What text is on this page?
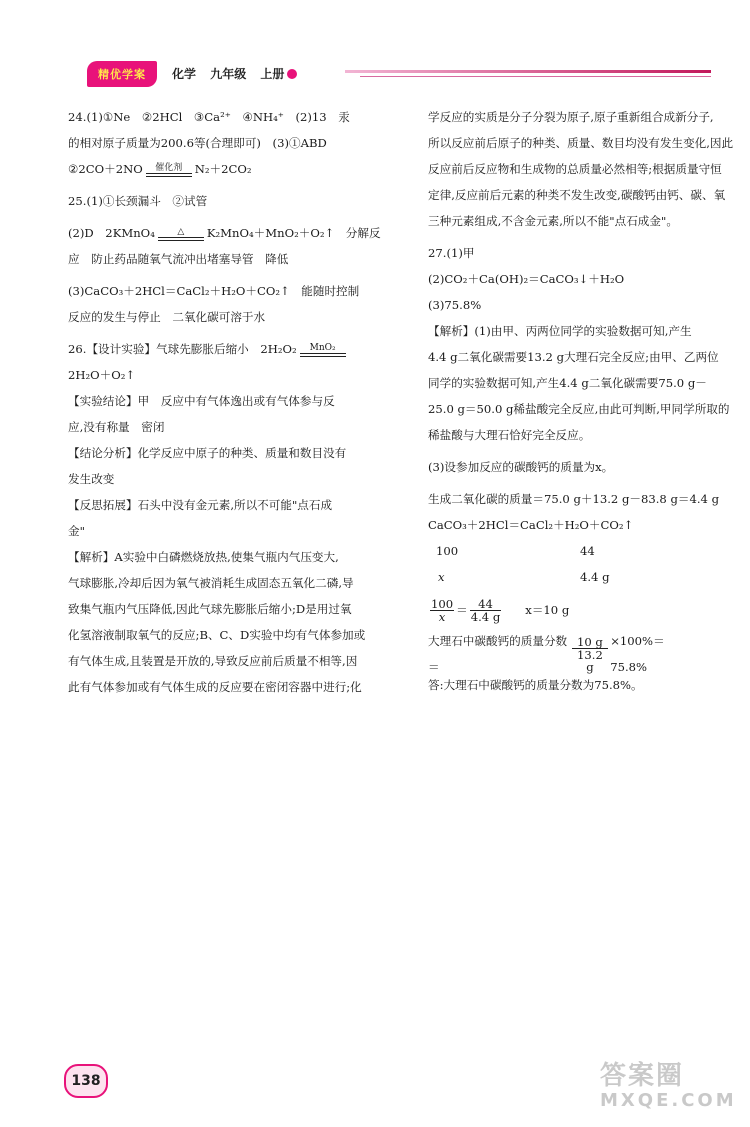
精优学案	化学 九年级 上册

24.(1)①Ne　②2HCl　③Ca²⁺　④NH₄⁺　(2)13　汞

的相对原子质量为200.6等(合理即可)　(3)①ABD

②2CO＋2NO	催化剂	N₂＋2CO₂

25.(1)①长颈漏斗　②试管

(2)D　2KMnO₄	△	K₂MnO₄＋MnO₂＋O₂↑　分解反

应　防止药品随氧气流冲出堵塞导管　降低

(3)CaCO₃＋2HCl＝CaCl₂＋H₂O＋CO₂↑　能随时控制

反应的发生与停止　二氧化碳可溶于水

26.【设计实验】气球先膨胀后缩小　2H₂O₂	MnO₂

2H₂O＋O₂↑

【实验结论】甲　反应中有气体逸出或有气体参与反

应,没有称量　密闭

【结论分析】化学反应中原子的种类、质量和数目没有

发生改变

【反思拓展】石头中没有金元素,所以不可能"点石成

金"

【解析】A实验中白磷燃烧放热,使集气瓶内气压变大,

气球膨胀,冷却后因为氧气被消耗生成固态五氧化二磷,导

致集气瓶内气压降低,因此气球先膨胀后缩小;D是用过氧

化氢溶液制取氧气的反应;B、C、D实验中均有气体参加或

有气体生成,且装置是开放的,导致反应前后质量不相等,因

此有气体参加或有气体生成的反应要在密闭容器中进行;化

学反应的实质是分子分裂为原子,原子重新组合成新分子,

所以反应前后原子的种类、质量、数目均没有发生变化,因此

反应前后反应物和生成物的总质量必然相等;根据质量守恒

定律,反应前后元素的种类不发生改变,碳酸钙由钙、碳、氧

三种元素组成,不含金元素,所以不能"点石成金"。

27.(1)甲

(2)CO₂＋Ca(OH)₂＝CaCO₃↓＋H₂O

(3)75.8%

【解析】(1)由甲、丙两位同学的实验数据可知,产生

4.4 g二氧化碳需要13.2 g大理石完全反应;由甲、乙两位

同学的实验数据可知,产生4.4 g二氧化碳需要75.0 g－

25.0 g＝50.0 g稀盐酸完全反应,由此可判断,甲同学所取的

稀盐酸与大理石恰好完全反应。

(3)设参加反应的碳酸钙的质量为x。

生成二氧化碳的质量＝75.0 g＋13.2 g－83.8 g＝4.4 g

CaCO₃＋2HCl＝CaCl₂＋H₂O＋CO₂↑

100	44
x	4.4 g
$\frac{100}{x} = \frac{44}{4.4 g} x=10$ g
大理石中碳酸钙的质量分数＝	$\frac{10 g}{13.2 g} \times 100\%=75.8\%$

答:大理石中碳酸钙的质量分数为75.8%。

138	答案圈
MXQE.COM
